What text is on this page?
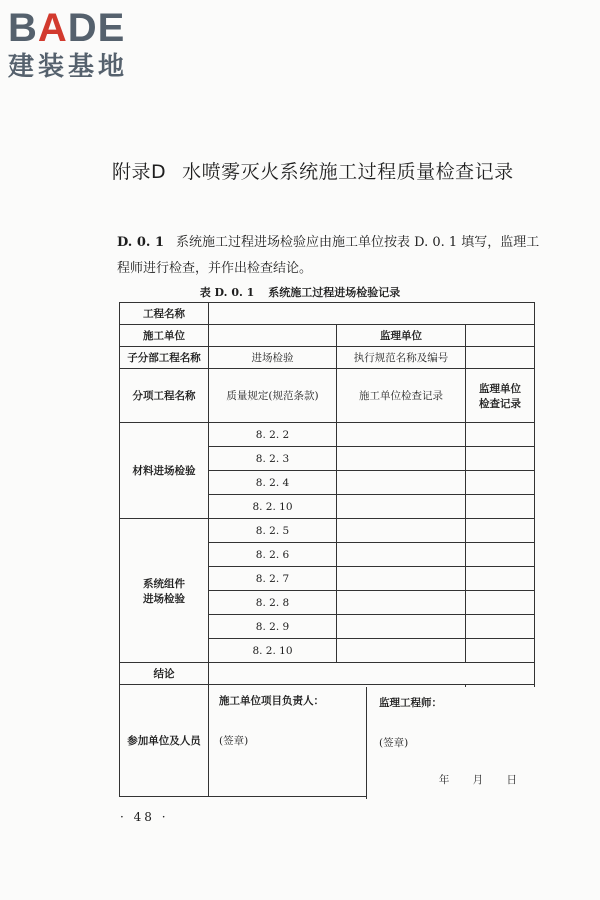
BADE
建装基地
附录D 水喷雾灭火系统施工过程质量检查记录
D. 0. 1 系统施工过程进场检验应由施工单位按表 D. 0. 1 填写，监理工程师进行检查，并作出检查结论。
表 D. 0. 1 系统施工过程进场检验记录
工程名称			
施工单位		监理单位	
子分部工程名称	进场检验	执行规范名称及编号	
分项工程名称	质量规定(规范条款)	施工单位检查记录	监理单位
检查记录
材料进场检验	8. 2. 2		
	8. 2. 3		
	8. 2. 4		
	8. 2. 10		
系统组件
进场检验	8. 2. 5		
	8. 2. 6		
	8. 2. 7		
	8. 2. 8		
	8. 2. 9		
	8. 2. 10		
结论			
参加单位及人员	施工单位项目负责人：
(签章)		

监理工程师：
(签章)
年 月 日
· 48 ·
